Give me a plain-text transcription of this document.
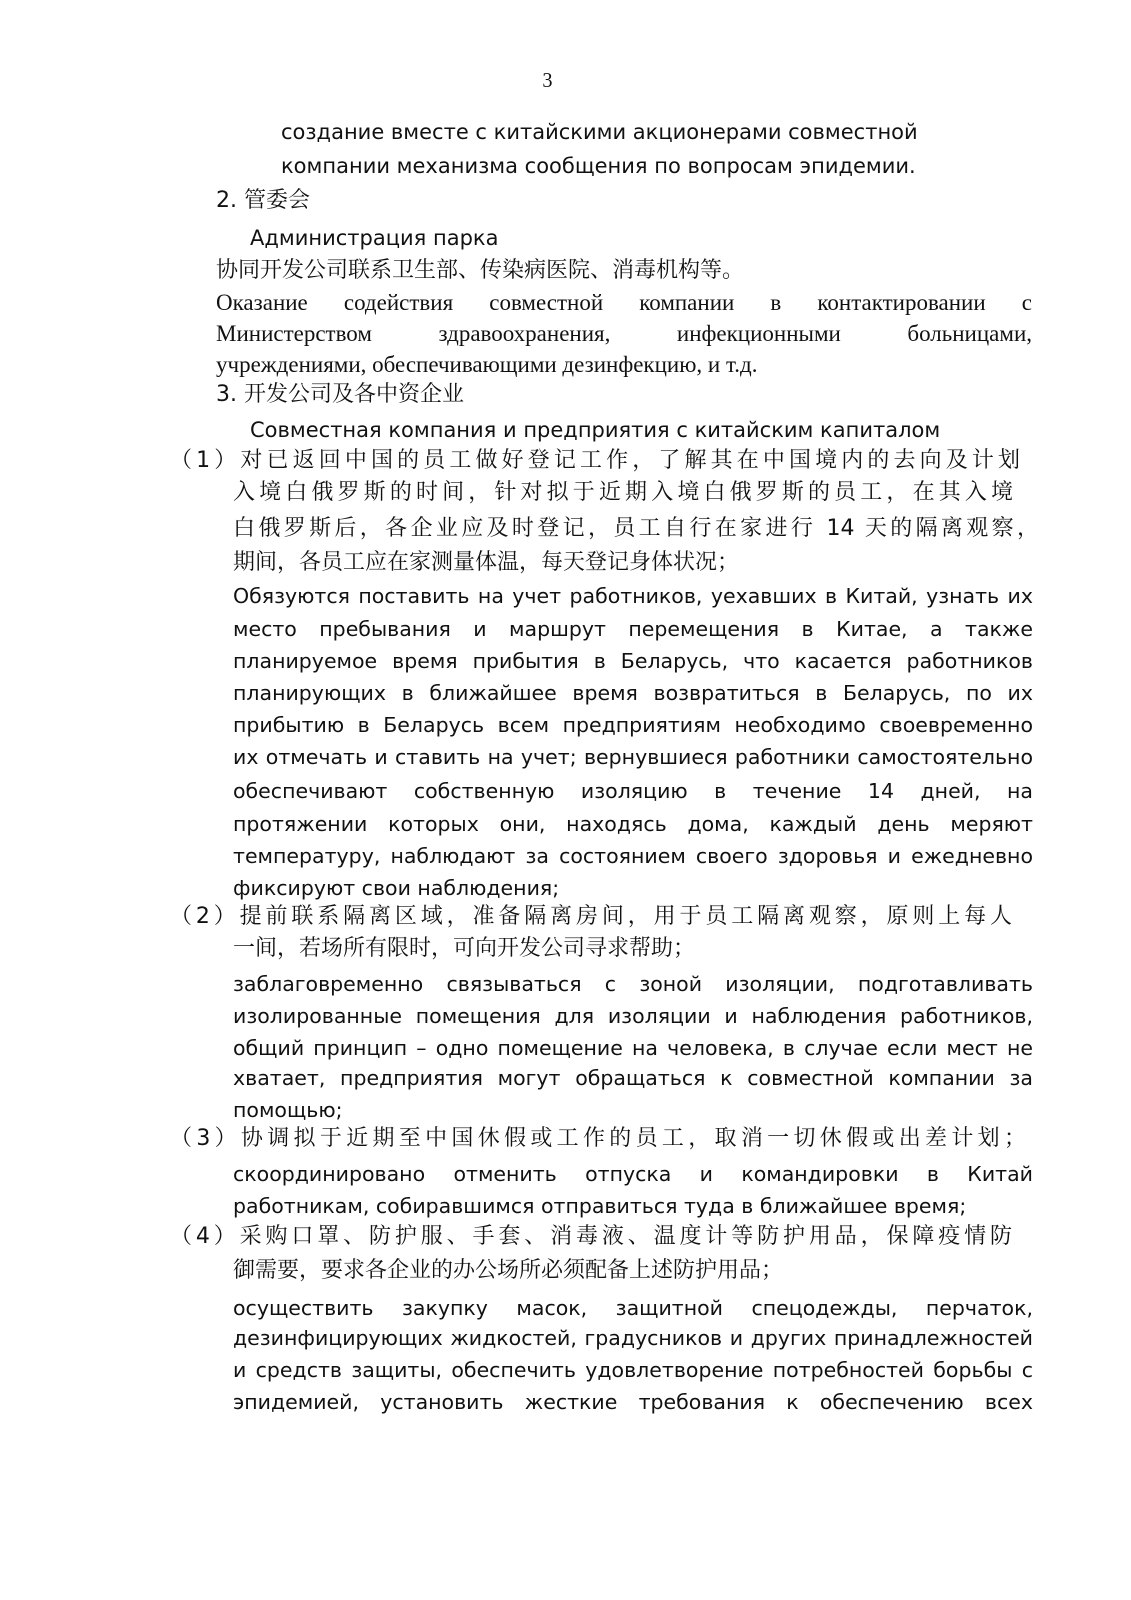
3
создание вместе с китайскими акционерами совместной
компании механизма сообщения по вопросам эпидемии.
2. 管委会
Администрация парка
协同开发公司联系卫生部、传染病医院、消毒机构等。
Оказание содействия совместной компании в контактировании с
Министерством здравоохранения, инфекционными больницами,
учреждениями, обеспечивающими дезинфекцию, и т.д.
3. 开发公司及各中资企业
Совместная компания и предприятия с китайским капиталом
（1）对已返回中国的员工做好登记工作，了解其在中国境内的去向及计划
入境白俄罗斯的时间，针对拟于近期入境白俄罗斯的员工，在其入境
白俄罗斯后，各企业应及时登记，员工自行在家进行 14 天的隔离观察，
期间，各员工应在家测量体温，每天登记身体状况；
Обязуются поставить на учет работников, уехавших в Китай, узнать их
место пребывания и маршрут перемещения в Китае, а также
планируемое время прибытия в Беларусь, что касается работников
планирующих в ближайшее время возвратиться в Беларусь, по их
прибытию в Беларусь всем предприятиям необходимо своевременно
их отмечать и ставить на учет; вернувшиеся работники самостоятельно
обеспечивают собственную изоляцию в течение 14 дней, на
протяжении которых они, находясь дома, каждый день меряют
температуру, наблюдают за состоянием своего здоровья и ежедневно
фиксируют свои наблюдения;
（2）提前联系隔离区域，准备隔离房间，用于员工隔离观察，原则上每人
一间，若场所有限时，可向开发公司寻求帮助；
заблаговременно связываться с зоной изоляции, подготавливать
изолированные помещения для изоляции и наблюдения работников,
общий принцип – одно помещение на человека, в случае если мест не
хватает, предприятия могут обращаться к совместной компании за
помощью;
（3）协调拟于近期至中国休假或工作的员工，取消一切休假或出差计划；
скоординировано отменить отпуска и командировки в Китай
работникам, собиравшимся отправиться туда в ближайшее время;
（4）采购口罩、防护服、手套、消毒液、温度计等防护用品，保障疫情防
御需要，要求各企业的办公场所必须配备上述防护用品；
осуществить закупку масок, защитной спецодежды, перчаток,
дезинфицирующих жидкостей, градусников и других принадлежностей
и средств защиты, обеспечить удовлетворение потребностей борьбы с
эпидемией, установить жесткие требования к обеспечению всех
